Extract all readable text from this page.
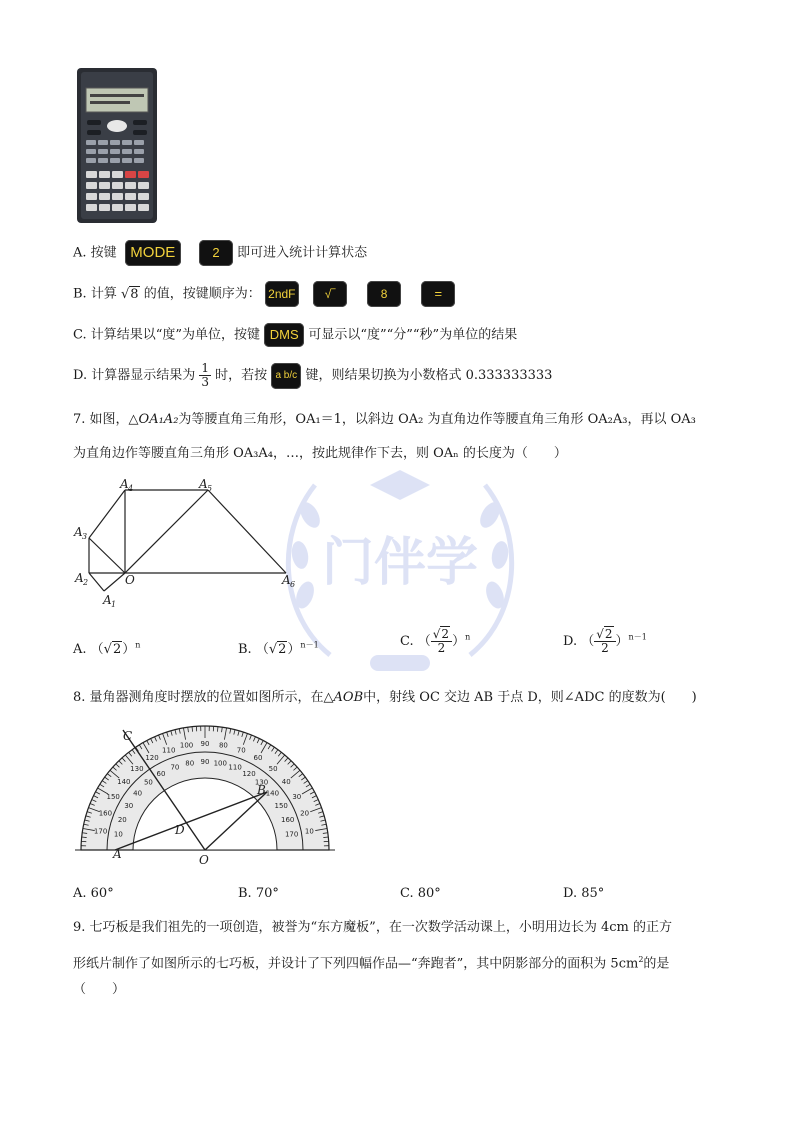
门伴学
A. 按键 MODE	2 即可进入统计计算状态
B. 计算 √8 的值，按键顺序为： 2ndF √‾	8	=
C. 计算结果以“度”为单位，按键 DMS 可显示以“度”“分”“秒”为单位的结果
D. 计算器显示结果为 $\frac{1}{3}$ 时，若按 a b/c 键，则结果切换为小数格式 0.333333333
7. 如图，△OA₁A₂为等腰直角三角形，OA₁＝1，以斜边 OA₂ 为直角边作等腰直角三角形 OA₂A₃，再以 OA₃
为直角边作等腰直角三角形 OA₃A₄，…，按此规律作下去，则 OAₙ 的长度为（　　）
A 4	A 5
A 3
A 2
A 1
O	A 6
A. $(√2)^n$	B. $(√2)^{n-1}$	C. （ $\frac{√2}{2} )^n$	D. （ $\frac{√2}{2} )^{n-1}$
8. 量角器测角度时摆放的位置如图所示，在△AOB中，射线 OC 交边 AB 于点 D，则∠ADC 的度数为(　　)
170 10
160
20
150
30
140
40
130
50
120
60
110
70
100
80
90
90
80
100
70
110
60
120
50
130 40
140 30
150
20
160
10
170
C
B
D
A	O
A. 60°	B. 70°	C. 80°	D. 85°
9. 七巧板是我们祖先的一项创造，被誉为“东方魔板”，在一次数学活动课上，小明用边长为 4cm 的正方
形纸片制作了如图所示的七巧板，并设计了下列四幅作品—“奔跑者”，其中阴影部分的面积为 $5cm^2$的是
（　　）
